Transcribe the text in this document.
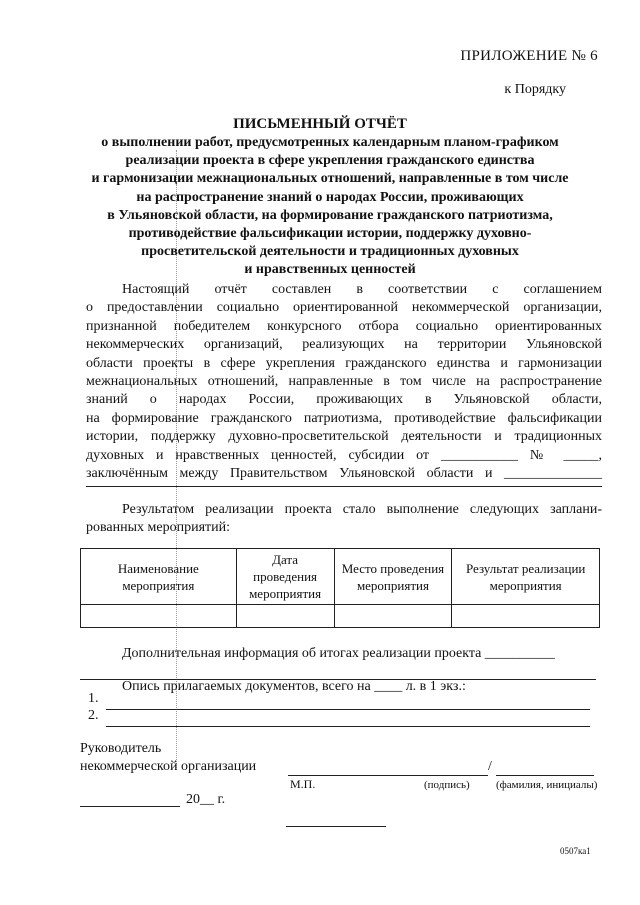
ПРИЛОЖЕНИЕ № 6
к Порядку
ПИСЬМЕННЫЙ ОТЧЁТ
о выполнении работ, предусмотренных календарным планом-графиком
реализации проекта в сфере укрепления гражданского единства
и гармонизации межнациональных отношений, направленные в том числе
на распространение знаний о народах России, проживающих
в Ульяновской области, на формирование гражданского патриотизма,
противодействие фальсификации истории, поддержку духовно-
просветительской деятельности и традиционных духовных
и нравственных ценностей
Настоящий отчёт составлен в соответствии с соглашением
о предоставлении социально ориентированной некоммерческой организации,
признанной победителем конкурсного отбора социально ориентированных
некоммерческих организаций, реализующих на территории Ульяновской
области проекты в сфере укрепления гражданского единства и гармонизации
межнациональных отношений, направленные в том числе на распространение
знаний о народах России, проживающих в Ульяновской области,
на формирование гражданского патриотизма, противодействие фальсификации
истории, поддержку духовно-просветительской деятельности и традиционных
духовных и нравственных ценностей, субсидии от ___________ № _____,
заключённым между Правительством Ульяновской области и ______________
Результатом реализации проекта стало выполнение следующих заплани-
рованных мероприятий:
Наименование мероприятия	Дата проведения мероприятия	Место проведения мероприятия	Результат реализации мероприятия

Дополнительная информация об итогах реализации проекта __________
Опись прилагаемых документов, всего на ____ л. в 1 экз.:
1.
2.
Руководитель
некоммерческой организации	/
М.П.	(подпись) (фамилия, инициалы)
20__ г.
0507ка1
